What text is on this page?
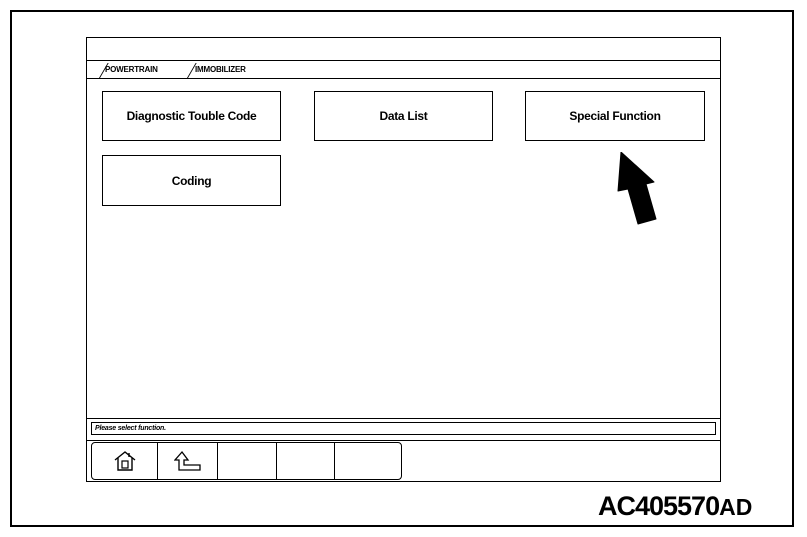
POWERTRAIN	IMMOBILIZER
Diagnostic Touble Code	Data List	Special Function
Coding
Please select function.
AC405570AD
